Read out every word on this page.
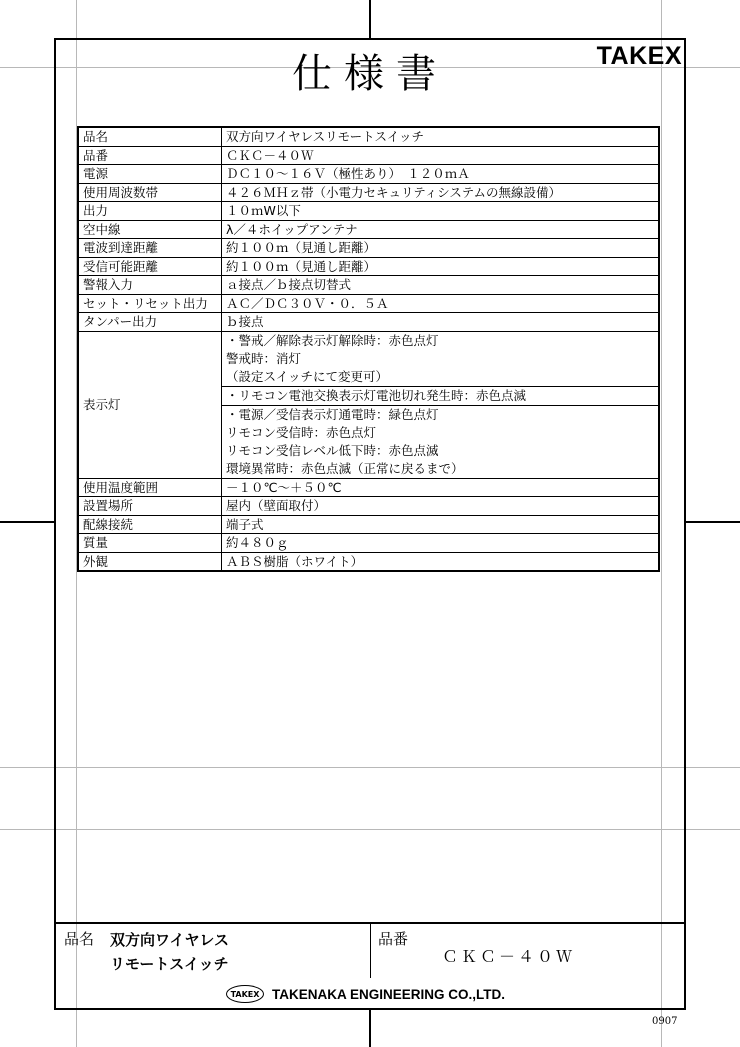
仕様書	TAKEX
品名	双方向ワイヤレスリモートスイッチ
品番	ＣＫＣ－４０Ｗ
電源	ＤＣ１０～１６Ｖ（極性あり）　１２０ｍＡ
使用周波数帯	４２６ＭＨｚ帯（小電力セキュリティシステムの無線設備）
出力	１０ｍW以下
空中線	λ／４ホイップアンテナ
電波到達距離	約１００ｍ（見通し距離）
受信可能距離	約１００ｍ（見通し距離）
警報入力	ａ接点／ｂ接点切替式
セット・リセット出力	ＡＣ／ＤＣ３０Ｖ・０．５Ａ
タンパー出力	ｂ接点
表示灯	・警戒／解除表示灯解除時：赤色点灯
警戒時：消灯
（設定スイッチにて変更可）

	・リモコン電池交換表示灯電池切れ発生時：赤色点滅

	・電源／受信表示灯通電時：緑色点灯
リモコン受信時：赤色点灯
リモコン受信レベル低下時：赤色点滅
環境異常時：赤色点滅（正常に戻るまで）

使用温度範囲	－１０℃～＋５０℃
設置場所	屋内（壁面取付）
配線接続	端子式
質量	約４８０ｇ
外観	ＡＢＳ樹脂（ホワイト）
品名 双方向ワイヤレス
リモートスイッチ
品番
ＣＫＣ－４０Ｗ
TAKEX TAKENAKA ENGINEERING CO.,LTD.
0907
